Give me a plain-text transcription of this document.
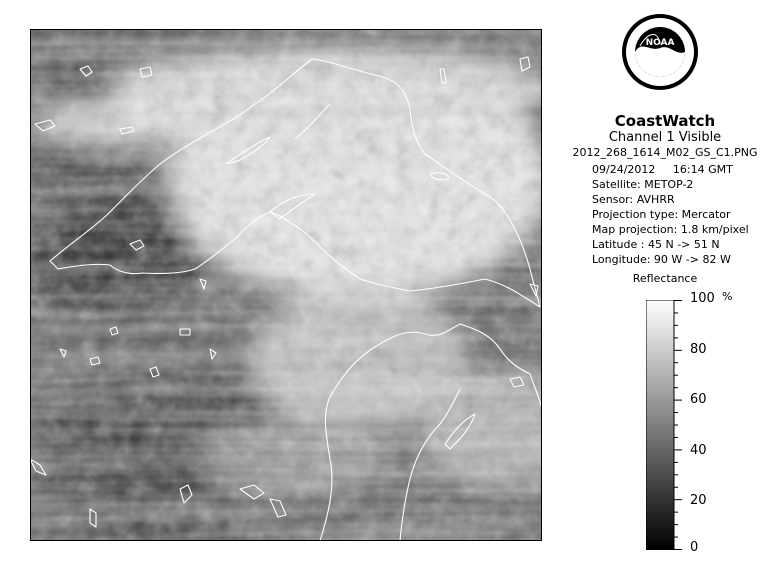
NOAA
CoastWatch
Channel 1 Visible
2012_268_1614_M02_GS_C1.PNG
09/24/2012 16:14 GMT
Satellite: METOP-2
Sensor: AVHRR
Projection type: Mercator
Map projection: 1.8 km/pixel
Latitude : 45 N -> 51 N
Longitude: 90 W -> 82 W
Reflectance
100
80
60
40
20
0
%
